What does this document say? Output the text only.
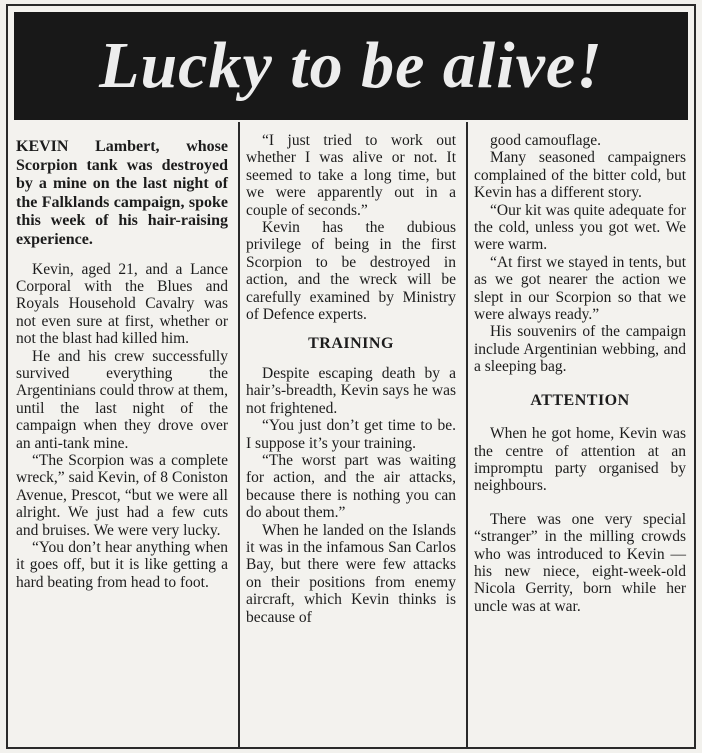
Lucky to be alive!

KEVIN Lambert, whose Scorpion tank was destroyed by a mine on the last night of the Falklands campaign, spoke this week of his hair-raising experience.

Kevin, aged 21, and a Lance Corporal with the Blues and Royals Household Cavalry was not even sure at first, whether or not the blast had killed him.

He and his crew successfully survived everything the Argentinians could throw at them, until the last night of the campaign when they drove over an anti-tank mine.

“The Scorpion was a complete wreck,” said Kevin, of 8 Coniston Avenue, Prescot, “but we were all alright. We just had a few cuts and bruises. We were very lucky.

“You don’t hear anything when it goes off, but it is like getting a hard beating from head to foot.

“I just tried to work out whether I was alive or not. It seemed to take a long time, but we were apparently out in a couple of seconds.”

Kevin has the dubious privilege of being in the first Scorpion to be destroyed in action, and the wreck will be carefully examined by Ministry of Defence experts.

TRAINING

Despite escaping death by a hair’s-breadth, Kevin says he was not frightened.

“You just don’t get time to be. I suppose it’s your training.

“The worst part was waiting for action, and the air attacks, because there is nothing you can do about them.”

When he landed on the Islands it was in the infamous San Carlos Bay, but there were few attacks on their positions from enemy aircraft, which Kevin thinks is because of

good camouflage.

Many seasoned campaigners complained of the bitter cold, but Kevin has a different story.

“Our kit was quite adequate for the cold, unless you got wet. We were warm.

“At first we stayed in tents, but as we got nearer the action we slept in our Scorpion so that we were always ready.”

His souvenirs of the campaign include Argentinian webbing, and a sleeping bag.

ATTENTION

When he got home, Kevin was the centre of attention at an impromptu party organised by neighbours.

There was one very special “stranger” in the milling crowds who was introduced to Kevin — his new niece, eight-week-old Nicola Gerrity, born while her uncle was at war.
